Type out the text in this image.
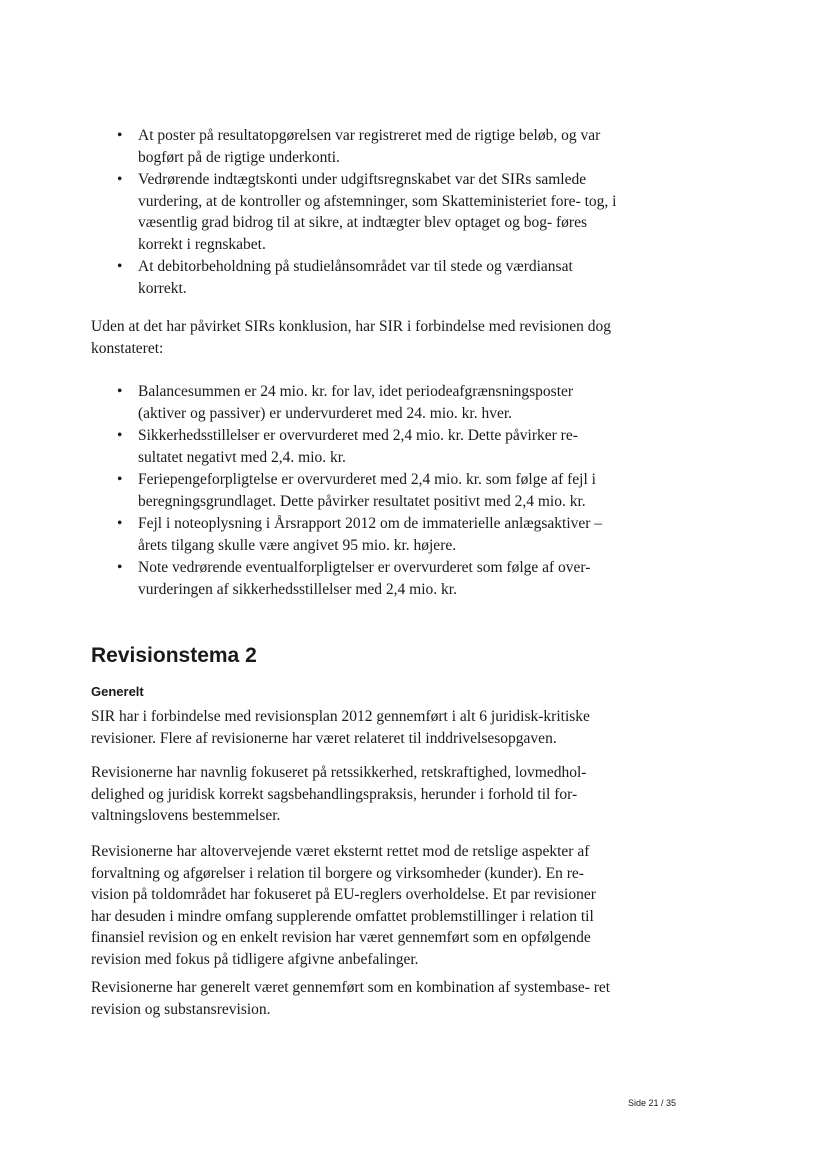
• At poster på resultatopgørelsen var registreret med de rigtige beløb, og var bogført på de rigtige underkonti.
• Vedrørende indtægtskonti under udgiftsregnskabet var det SIRs samlede vurdering, at de kontroller og afstemninger, som Skatteministeriet fore- tog, i væsentlig grad bidrog til at sikre, at indtægter blev optaget og bog- føres korrekt i regnskabet.
• At debitorbeholdning på studielånsområdet var til stede og værdiansat korrekt.

Uden at det har påvirket SIRs konklusion, har SIR i forbindelse med revisionen dog konstateret:

• Balancesummen er 24 mio. kr. for lav, idet periodeafgrænsningsposter (aktiver og passiver) er undervurderet med 24. mio. kr. hver.
• Sikkerhedsstillelser er overvurderet med 2,4 mio. kr. Dette påvirker re- sultatet negativt med 2,4. mio. kr.
• Feriepengeforpligtelse er overvurderet med 2,4 mio. kr. som følge af fejl i beregningsgrundlaget. Dette påvirker resultatet positivt med 2,4 mio. kr.
• Fejl i noteoplysning i Årsrapport 2012 om de immaterielle anlægsaktiver – årets tilgang skulle være angivet 95 mio. kr. højere.
• Note vedrørende eventualforpligtelser er overvurderet som følge af over- vurderingen af sikkerhedsstillelser med 2,4 mio. kr.
Revisionstema 2
Generelt

SIR har i forbindelse med revisionsplan 2012 gennemført i alt 6 juridisk-kritiske revisioner. Flere af revisionerne har været relateret til inddrivelsesopgaven.

Revisionerne har navnlig fokuseret på retssikkerhed, retskraftighed, lovmedhol- delighed og juridisk korrekt sagsbehandlingspraksis, herunder i forhold til for- valtningslovens bestemmelser.

Revisionerne har altovervejende været eksternt rettet mod de retslige aspekter af forvaltning og afgørelser i relation til borgere og virksomheder (kunder). En re- vision på toldområdet har fokuseret på EU-reglers overholdelse. Et par revisioner har desuden i mindre omfang supplerende omfattet problemstillinger i relation til finansiel revision og en enkelt revision har været gennemført som en opfølgende revision med fokus på tidligere afgivne anbefalinger.

Revisionerne har generelt været gennemført som en kombination af systembase- ret revision og substansrevision.

Side 21 / 35
